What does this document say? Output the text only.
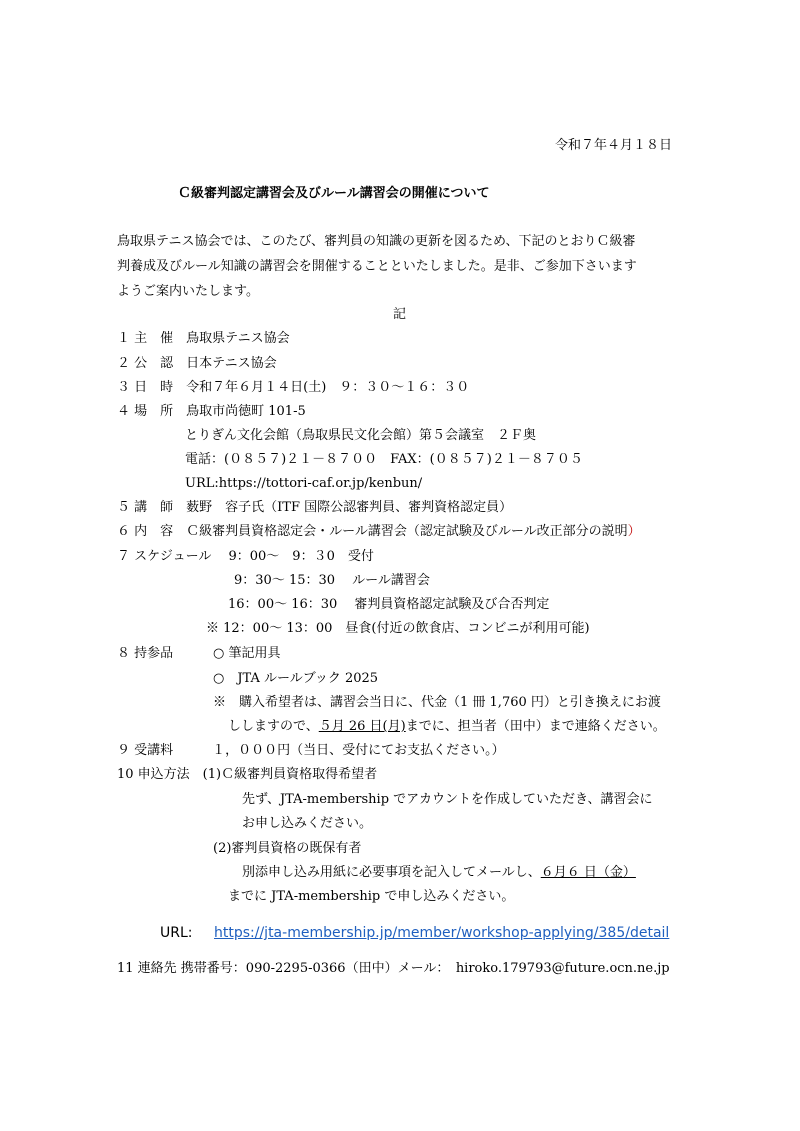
令和７年４月１８日
Ｃ級審判認定講習会及びルール講習会の開催について
鳥取県テニス協会では、このたび、審判員の知識の更新を図るため、下記のとおりＣ級審
判養成及びルール知識の講習会を開催することといたしました。是非、ご参加下さいます
ようご案内いたします。
記
１ 主　催　鳥取県テニス協会
２ 公　認　日本テニス協会
３ 日　時　令和７年６月１４日(土)　９：３０～１６：３０
４ 場　所　鳥取市尚徳町 101-5
とりぎん文化会館（鳥取県民文化会館）第５会議室　２Ｆ奥
電話：(０８５７)２１－８７００　FAX：(０８５７)２１－８７０５
URL:https://tottori-caf.or.jp/kenbun/
５ 講　師　薮野　容子氏（ITF 国際公認審判員、審判資格認定員）
６ 内　容　Ｃ級審判員資格認定会・ルール講習会（認定試験及びルール改正部分の説明）
７ スケジュール　 9：00～　9：３0　受付
9：30～ 15：30　 ルール講習会
16：00～ 16：30　 審判員資格認定試験及び合否判定
※ 12：00～ 13：00　昼食(付近の飲食店、コンビニが利用可能)
８ 持参品	○ 筆記用具
○　JTA ルールブック 2025
※　購入希望者は、講習会当日に、代金（1 冊 1,760 円）と引き換えにお渡
ししますので、５月 26 日(月)までに、担当者（田中）まで連絡ください。
９ 受講料　　　１，０００円（当日、受付にてお支払ください。）
10 申込方法　(1)Ｃ級審判員資格取得希望者
先ず、JTA-membership でアカウントを作成していただき、講習会に
お申し込みください。
(2)審判員資格の既保有者
別添申し込み用紙に必要事項を記入してメールし、６月６ 日（金）
までに JTA-membership で申し込みください。
URL: https://jta-membership.jp/member/workshop-applying/385/detail
11 連絡先 携帯番号：090-2295-0366（田中）メール：　hiroko.179793@future.ocn.ne.jp
